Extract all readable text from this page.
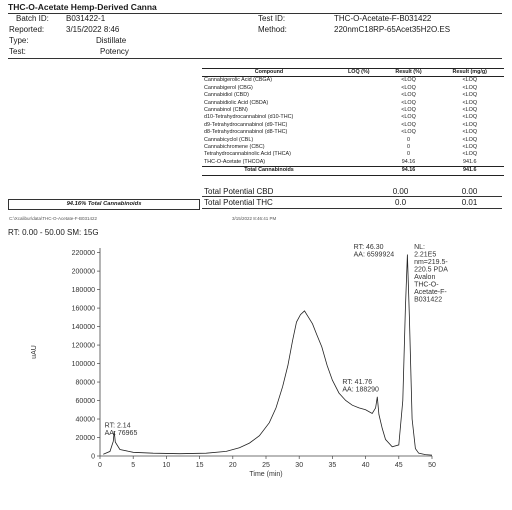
THC-O-Acetate Hemp-Derived Canna
Batch ID: B031422-1
Reported:	3/15/2022 8:46
Type:	Distillate
Test:	Potency
Test ID:	THC-O-Acetate-F-B031422
Method:	220nmC18RP-65Acet35H2O.ES
Compound	LOQ (%)	Result (%)	Result (mg/g)
Cannabigerolic Acid (CBGA)		<LOQ	<LOQ
Cannabigerol (CBG)		<LOQ	<LOQ
Cannabidiol (CBD)		<LOQ	<LOQ
Cannabidiolic Acid (CBDA)		<LOQ	<LOQ
Cannabinol (CBN)		<LOQ	<LOQ
d10-Tetrahydrocannabinol (d10-THC)		<LOQ	<LOQ
d9-Tetrahydrocannabinol (d9-THC)		<LOQ	<LOQ
d8-Tetrahydrocannabinol (d8-THC)		<LOQ	<LOQ
Cannabicyclol (CBL)		0	<LOQ
Cannabichromene (CBC)		0	<LOQ
Tetrahydrocannabinolic Acid (THCA)		0	<LOQ
THC-O-Acetate (THCOA)		94.16	941.6
Total Cannabinoids		94.16	941.6
Total Potential CBD	0.00	0.00
Total Potential THC	0.0	0.01
94.16% Total Cannabinoids
C:\Xcalibur\data\THC-O-Acetate-F-B031422	3/15/2022 8:46:41 PM
RT: 0.00 - 50.00 SM: 15G
0
20000
40000
60000
80000
100000
120000
140000
160000
180000
200000
220000
0	5	10	15	20	25	30	35	40	45	50
Time (min)
uAU
RT: 2.14
AA: 76965
RT: 41.76
AA: 188290
RT: 46.30
AA: 6599924
NL:
2.21E5
nm=219.5-
220.5 PDA
Avalon
THC-O-
Acetate-F-
B031422
